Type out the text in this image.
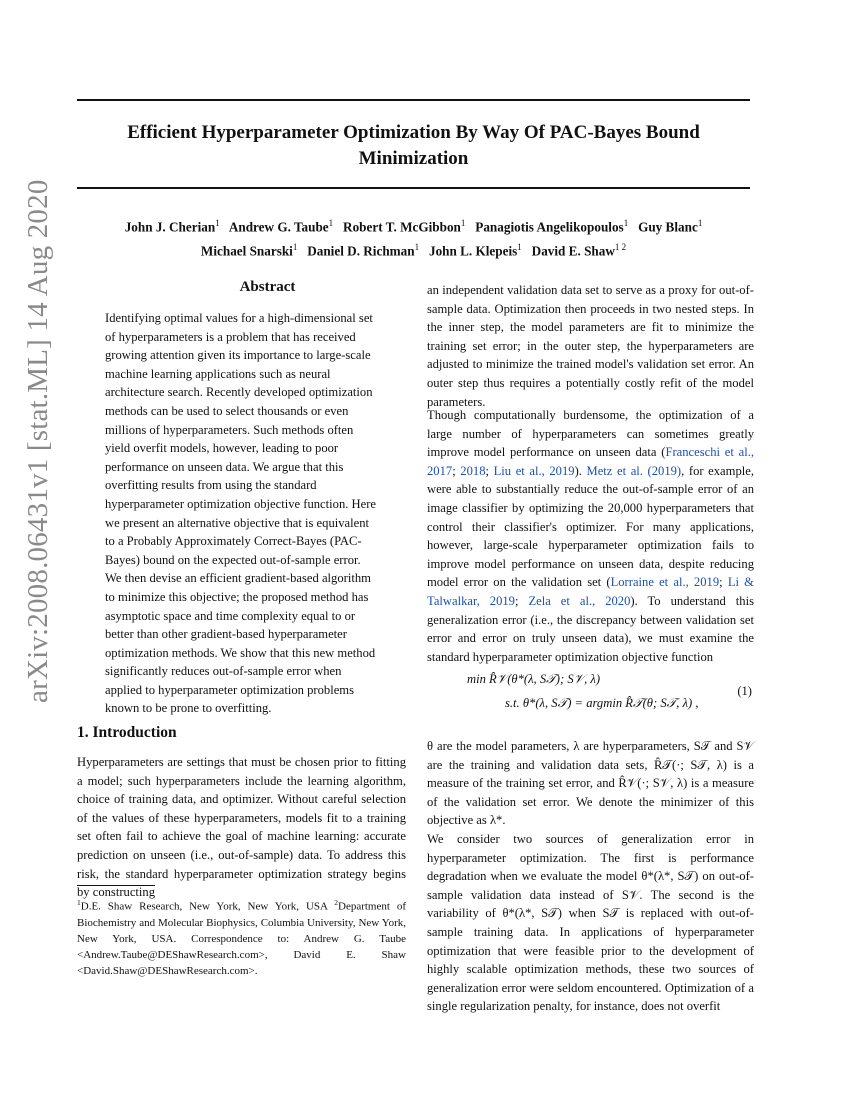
arXiv:2008.06431v1 [stat.ML] 14 Aug 2020
Efficient Hyperparameter Optimization By Way Of PAC-Bayes Bound Minimization
John J. Cherian$^1$ Andrew G. Taube$^1$ Robert T. McGibbon$^1$ Panagiotis Angelikopoulos$^1$ Guy Blanc$^1$
Michael Snarski$^1$ Daniel D. Richman$^1$ John L. Klepeis$^1$ David E. Shaw$^{1 2}$
Abstract

Identifying optimal values for a high-dimensional set of hyperparameters is a problem that has received growing attention given its importance to large-scale machine learning applications such as neural architecture search. Recently developed optimization methods can be used to select thousands or even millions of hyperparameters. Such methods often yield overfit models, however, leading to poor performance on unseen data. We argue that this overfitting results from using the standard hyperparameter optimization objective function. Here we present an alternative objective that is equivalent to a Probably Approximately Correct-Bayes (PAC-Bayes) bound on the expected out-of-sample error. We then devise an efficient gradient-based algorithm to minimize this objective; the proposed method has asymptotic space and time complexity equal to or better than other gradient-based hyperparameter optimization methods. We show that this new method significantly reduces out-of-sample error when applied to hyperparameter optimization problems known to be prone to overfitting.

1. Introduction

Hyperparameters are settings that must be chosen prior to fitting a model; such hyperparameters include the learning algorithm, choice of training data, and optimizer. Without careful selection of the values of these hyperparameters, models fit to a training set often fail to achieve the goal of machine learning: accurate prediction on unseen (i.e., out-of-sample) data. To address this risk, the standard hyperparameter optimization strategy begins by constructing

$^1$D.E. Shaw Research, New York, New York, USA $^2$Department of Biochemistry and Molecular Biophysics, Columbia University, New York, New York, USA. Correspondence to: Andrew G. Taube <Andrew.Taube@DEShawResearch.com>, David E. Shaw <David.Shaw@DEShawResearch.com>.

an independent validation data set to serve as a proxy for out-of-sample data. Optimization then proceeds in two nested steps. In the inner step, the model parameters are fit to minimize the training set error; in the outer step, the hyperparameters are adjusted to minimize the trained model's validation set error. An outer step thus requires a potentially costly refit of the model parameters.

Though computationally burdensome, the optimization of a large number of hyperparameters can sometimes greatly improve model performance on unseen data (Franceschi et al., 2017; 2018; Liu et al., 2019). Metz et al. (2019), for example, were able to substantially reduce the out-of-sample error of an image classifier by optimizing the 20,000 hyperparameters that control their classifier's optimizer. For many applications, however, large-scale hyperparameter optimization fails to improve model performance on unseen data, despite reducing model error on the validation set (Lorraine et al., 2019; Li & Talwalkar, 2019; Zela et al., 2020). To understand this generalization error (i.e., the discrepancy between validation set error and error on truly unseen data), we must examine the standard hyperparameter optimization objective function

min R̂𝒱(θ*(λ, S𝒯); S𝒱, λ)
s.t. θ*(λ, S𝒯) = argmin R̂𝒯(θ; S𝒯, λ) ,
(1)

θ are the model parameters, λ are hyperparameters, S𝒯 and S𝒱 are the training and validation data sets, R̂𝒯(·; S𝒯, λ) is a measure of the training set error, and R̂𝒱(·; S𝒱, λ) is a measure of the validation set error. We denote the minimizer of this objective as λ*.

We consider two sources of generalization error in hyperparameter optimization. The first is performance degradation when we evaluate the model θ*(λ*, S𝒯) on out-of-sample validation data instead of S𝒱. The second is the variability of θ*(λ*, S𝒯) when S𝒯 is replaced with out-of-sample training data. In applications of hyperparameter optimization that were feasible prior to the development of highly scalable optimization methods, these two sources of generalization error were seldom encountered. Optimization of a single regularization penalty, for instance, does not overfit
